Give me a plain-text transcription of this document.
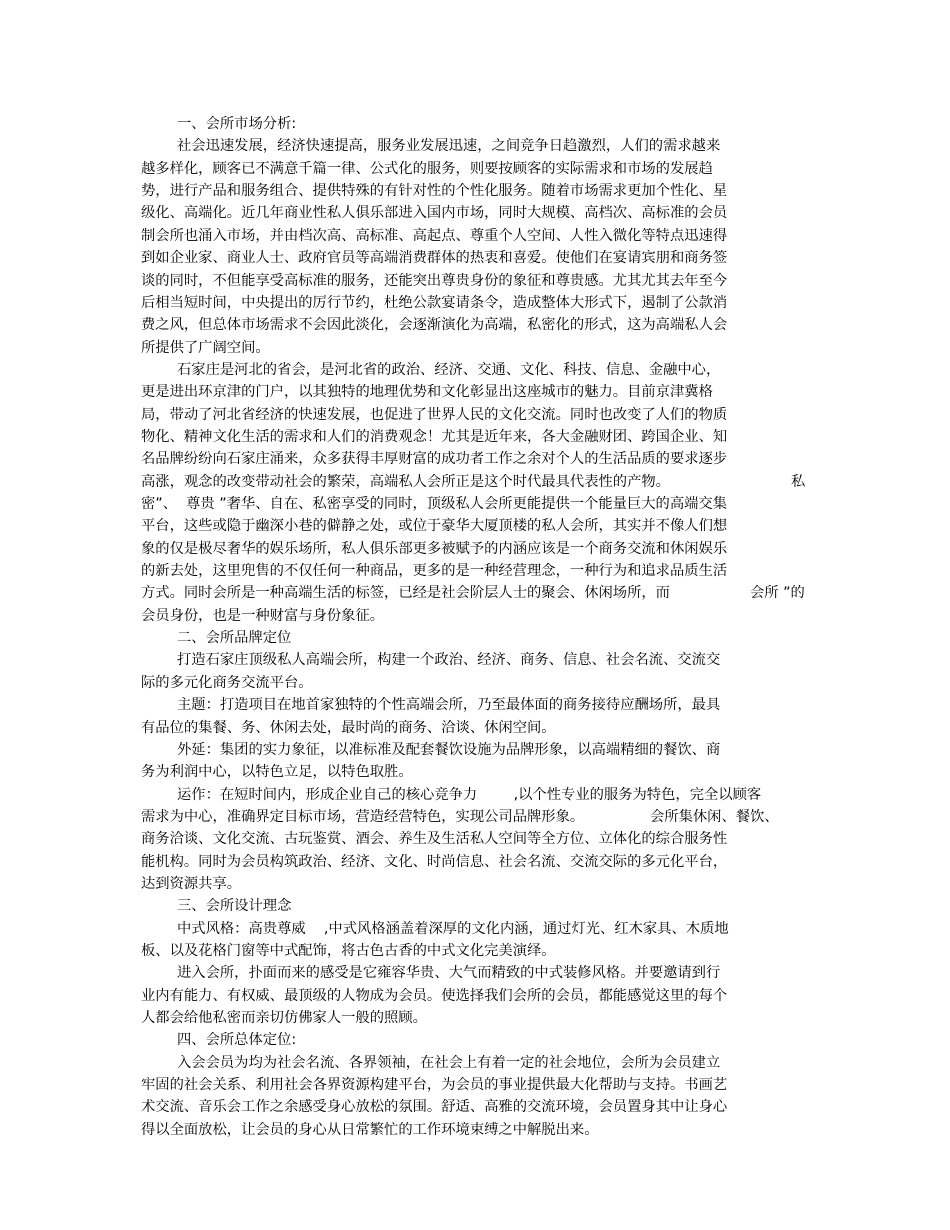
一、会所市场分析:
社会迅速发展，经济快速提高，服务业发展迅速，之间竞争日趋激烈，人们的需求越来
越多样化，顾客已不满意千篇一律、公式化的服务，则要按顾客的实际需求和市场的发展趋
势，进行产品和服务组合、提供特殊的有针对性的个性化服务。随着市场需求更加个性化、星
级化、高端化。近几年商业性私人俱乐部进入国内市场，同时大规模、高档次、高标准的会员
制会所也涌入市场，并由档次高、高标准、高起点、尊重个人空间、人性入微化等特点迅速得
到如企业家、商业人士、政府官员等高端消费群体的热衷和喜爱。使他们在宴请宾朋和商务签
谈的同时，不但能享受高标准的服务，还能突出尊贵身份的象征和尊贵感。尤其尤其去年至今
后相当短时间，中央提出的厉行节约，杜绝公款宴请条令，造成整体大形式下，遏制了公款消
费之风，但总体市场需求不会因此淡化，会逐渐演化为高端，私密化的形式，这为高端私人会
所提供了广阔空间。
石家庄是河北的省会，是河北省的政治、经济、交通、文化、科技、信息、金融中心，
更是进出环京津的门户，以其独特的地理优势和文化彰显出这座城市的魅力。目前京津冀格
局，带动了河北省经济的快速发展，也促进了世界人民的文化交流。同时也改变了人们的物质
物化、精神文化生活的需求和人们的消费观念！尤其是近年来，各大金融财团、跨国企业、知
名品牌纷纷向石家庄涌来，众多获得丰厚财富的成功者工作之余对个人的生活品质的要求逐步
高涨，观念的改变带动社会的繁荣，高端私人会所正是这个时代最具代表性的产物。	私
密”、  尊贵 ”奢华、自在、私密享受的同时，顶级私人会所更能提供一个能量巨大的高端交集
平台，这些或隐于幽深小巷的僻静之处，或位于豪华大厦顶楼的私人会所，其实并不像人们想
象的仅是极尽奢华的娱乐场所，私人俱乐部更多被赋予的内涵应该是一个商务交流和休闲娱乐
的新去处，这里兜售的不仅任何一种商品，更多的是一种经营理念，一种行为和追求品质生活
方式。同时会所是一种高端生活的标签，已经是社会阶层人士的聚会、休闲场所，而	会所 ”的
会员身份，也是一种财富与身份象征。
二、会所品牌定位
打造石家庄顶级私人高端会所，构建一个政治、经济、商务、信息、社会名流、交流交
际的多元化商务交流平台。
主题：打造项目在地首家独特的个性高端会所，乃至最体面的商务接待应酬场所，最具
有品位的集餐、务、休闲去处，最时尚的商务、洽谈、休闲空间。
外延：集团的实力象征，以准标准及配套餐饮设施为品牌形象，以高端精细的餐饮、商
务为利润中心，以特色立足，以特色取胜。
运作：在短时间内，形成企业自己的核心竞争力        ,以个性专业的服务为特色，完全以顾客
需求为中心，准确界定目标市场，营造经营特色，实现公司品牌形象。	会所集休闲、餐饮、
商务洽谈、文化交流、古玩鉴赏、酒会、养生及生活私人空间等全方位、立体化的综合服务性
能机构。同时为会员构筑政治、经济、文化、时尚信息、社会名流、交流交际的多元化平台，
达到资源共享。
三、会所设计理念
中式风格：高贵尊威    ,中式风格涵盖着深厚的文化内涵，通过灯光、红木家具、木质地
板、以及花格门窗等中式配饰，将古色古香的中式文化完美演绎。
进入会所，扑面而来的感受是它雍容华贵、大气而精致的中式装修风格。并要邀请到行
业内有能力、有权威、最顶级的人物成为会员。使选择我们会所的会员，都能感觉这里的每个
人都会给他私密而亲切仿佛家人一般的照顾。
四、会所总体定位:
入会会员为均为社会名流、各界领袖，在社会上有着一定的社会地位，会所为会员建立
牢固的社会关系、利用社会各界资源构建平台，为会员的事业提供最大化帮助与支持。书画艺
术交流、音乐会工作之余感受身心放松的氛围。舒适、高雅的交流环境，会员置身其中让身心
得以全面放松，让会员的身心从日常繁忙的工作环境束缚之中解脱出来。
